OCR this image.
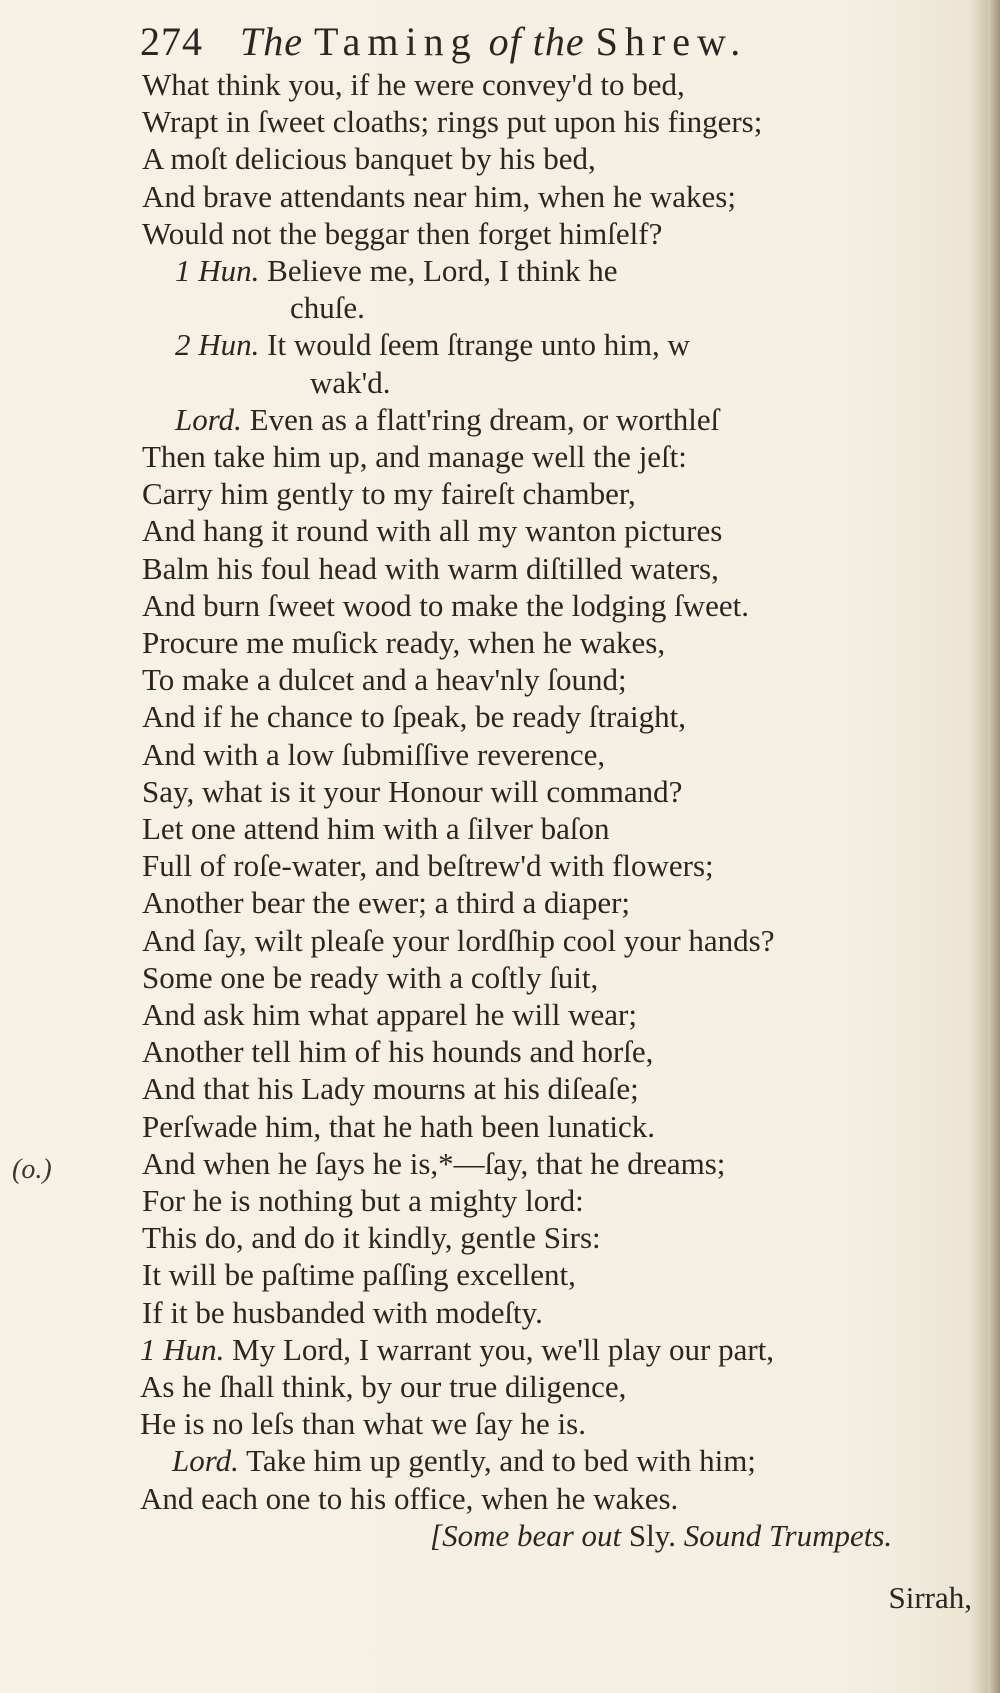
274 The Taming of the Shrew.
What think you, if he were convey'd to bed,
Wrapt in ſweet cloaths; rings put upon his fingers;
A moſt delicious banquet by his bed,
And brave attendants near him, when he wakes;
Would not the beggar then forget himſelf?
1 Hun. Believe me, Lord, I think he
chuſe.
2 Hun. It would ſeem ſtrange unto him, w
wak'd.
Lord. Even as a flatt'ring dream, or worthleſ
Then take him up, and manage well the jeſt:
Carry him gently to my faireſt chamber,
And hang it round with all my wanton pictures
Balm his foul head with warm diſtilled waters,
And burn ſweet wood to make the lodging ſweet.
Procure me muſick ready, when he wakes,
To make a dulcet and a heav'nly ſound;
And if he chance to ſpeak, be ready ſtraight,
And with a low ſubmiſſive reverence,
Say, what is it your Honour will command?
Let one attend him with a ſilver baſon
Full of roſe-water, and beſtrew'd with flowers;
Another bear the ewer; a third a diaper;
And ſay, wilt pleaſe your lordſhip cool your hands?
Some one be ready with a coſtly ſuit,
And ask him what apparel he will wear;
Another tell him of his hounds and horſe,
And that his Lady mourns at his diſeaſe;
Perſwade him, that he hath been lunatick.
And when he ſays he is,*—ſay, that he dreams;
For he is nothing but a mighty lord:
This do, and do it kindly, gentle Sirs:
It will be paſtime paſſing excellent,
If it be husbanded with modeſty.
1 Hun. My Lord, I warrant you, we'll play our part,
As he ſhall think, by our true diligence,
He is no leſs than what we ſay he is.
Lord. Take him up gently, and to bed with him;
And each one to his office, when he wakes.
[Some bear out Sly. Sound Trumpets.
(o.)
Sirrah,
